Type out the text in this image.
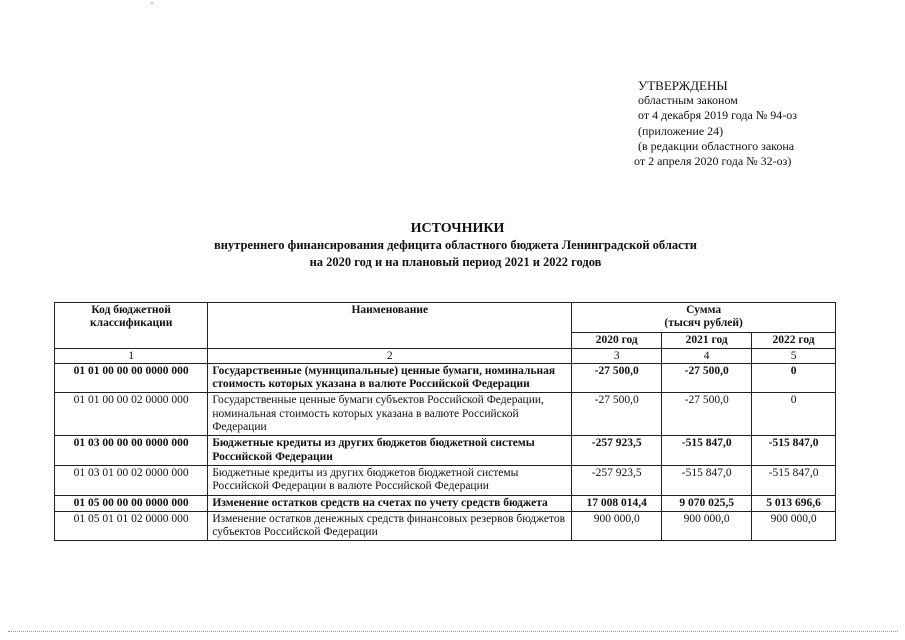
УТВЕРЖДЕНЫ
областным законом
от 4 декабря 2019 года № 94-оз
(приложение 24)
(в редакции областного закона
от 2 апреля 2020 года № 32-оз)
ИСТОЧНИКИ
внутреннего финансирования дефицита областного бюджета Ленинградской области
на 2020 год и на плановый период 2021 и 2022 годов
Код бюджетной классификации	Наименование	Сумма		
		(тысяч рублей)		
		2020 год	2021 год	2022 год
1	2	3	4	5
01 01 00 00 00 0000 000	Государственные (муниципальные) ценные бумаги, номинальная стоимость которых указана в валюте Российской Федерации	-27 500,0	-27 500,0	0
01 01 00 00 02 0000 000	Государственные ценные бумаги субъектов Российской Федерации, номинальная стоимость которых указана в валюте Российской Федерации	-27 500,0	-27 500,0	0
01 03 00 00 00 0000 000	Бюджетные кредиты из других бюджетов бюджетной системы Российской Федерации	-257 923,5	-515 847,0	-515 847,0
01 03 01 00 02 0000 000	Бюджетные кредиты из других бюджетов бюджетной системы Российской Федерации в валюте Российской Федерации	-257 923,5	-515 847,0	-515 847,0
01 05 00 00 00 0000 000	Изменение остатков средств на счетах по учету средств бюджета	17 008 014,4	9 070 025,5	5 013 696,6
01 05 01 01 02 0000 000	Изменение остатков денежных средств финансовых резервов бюджетов субъектов Российской Федерации	900 000,0	900 000,0	900 000,0
